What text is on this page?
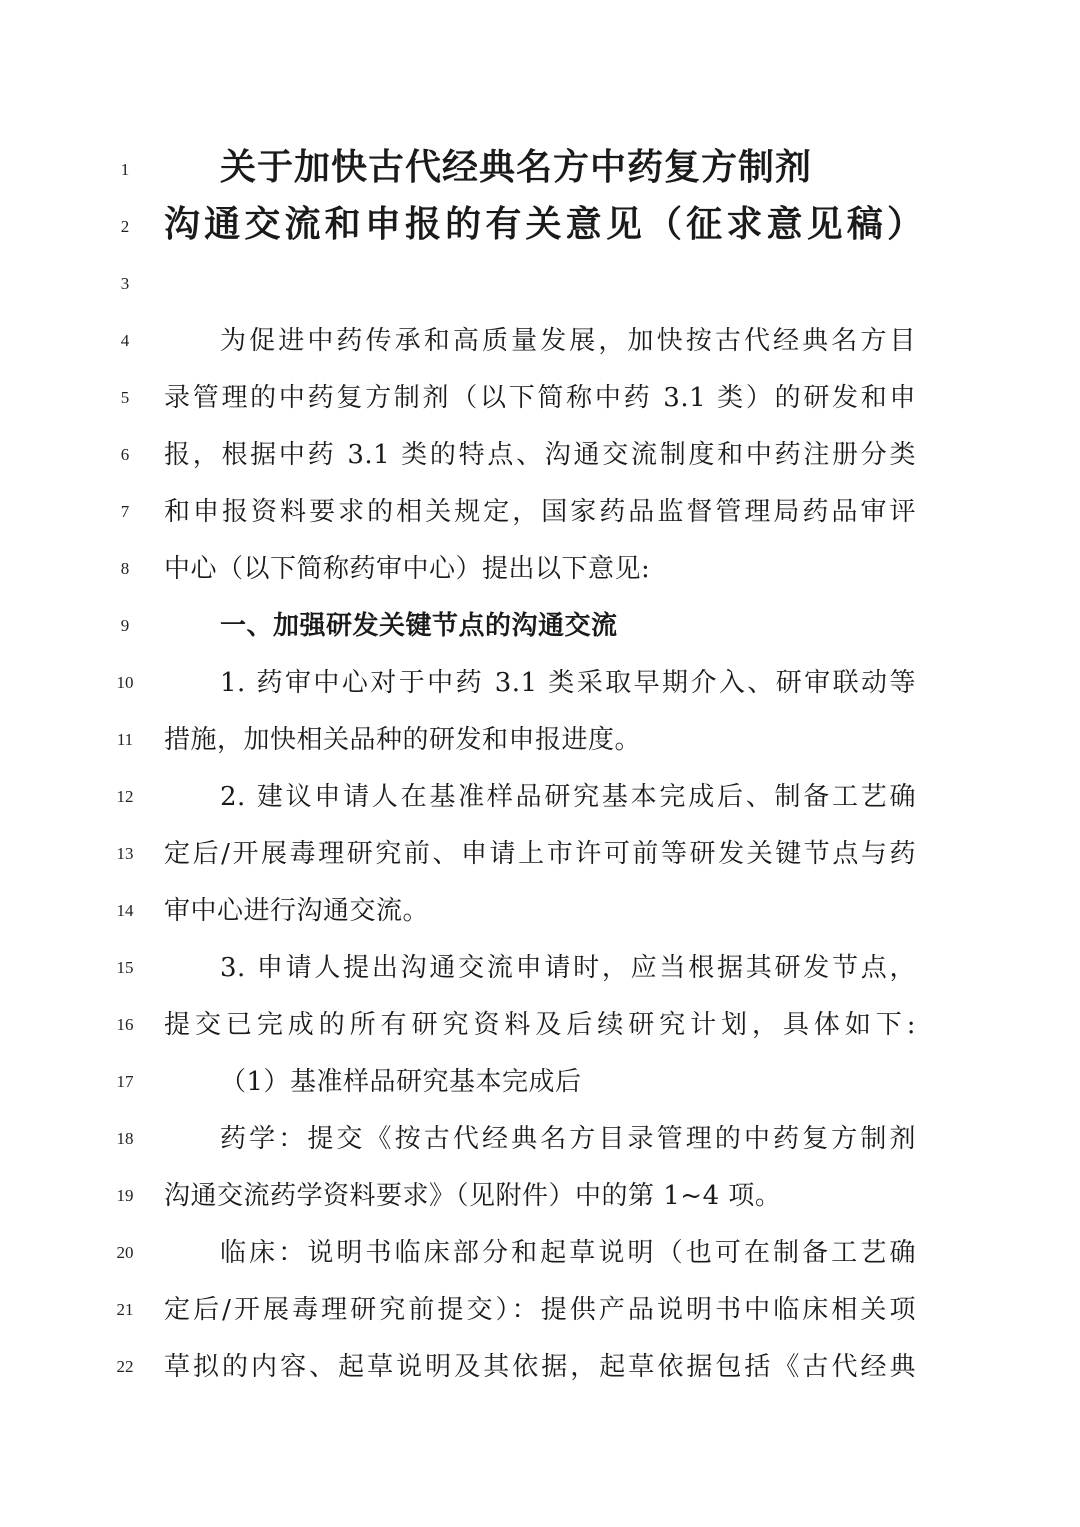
1	关于加快古代经典名方中药复方制剂
2 沟通交流和申报的有关意见（征求意见稿）
3
4	为促进中药传承和高质量发展，加快按古代经典名方目
5	录管理的中药复方制剂（以下简称中药 3.1 类）的研发和申
6	报，根据中药 3.1 类的特点、沟通交流制度和中药注册分类
7	和申报资料要求的相关规定，国家药品监督管理局药品审评
8	中心（以下简称药审中心）提出以下意见:
9	一、加强研发关键节点的沟通交流
10	1. 药审中心对于中药 3.1 类采取早期介入、研审联动等
11	措施，加快相关品种的研发和申报进度。
12	2. 建议申请人在基准样品研究基本完成后、制备工艺确
13	定后/开展毒理研究前、申请上市许可前等研发关键节点与药
14	审中心进行沟通交流。
15	3. 申请人提出沟通交流申请时，应当根据其研发节点，
16	提交已完成的所有研究资料及后续研究计划，具体如下:
17	（1）基准样品研究基本完成后
18	药学：提交《按古代经典名方目录管理的中药复方制剂
19	沟通交流药学资料要求》（见附件）中的第 1~4 项。
20	临床：说明书临床部分和起草说明（也可在制备工艺确
21	定后/开展毒理研究前提交）：提供产品说明书中临床相关项
22	草拟的内容、起草说明及其依据，起草依据包括《古代经典
